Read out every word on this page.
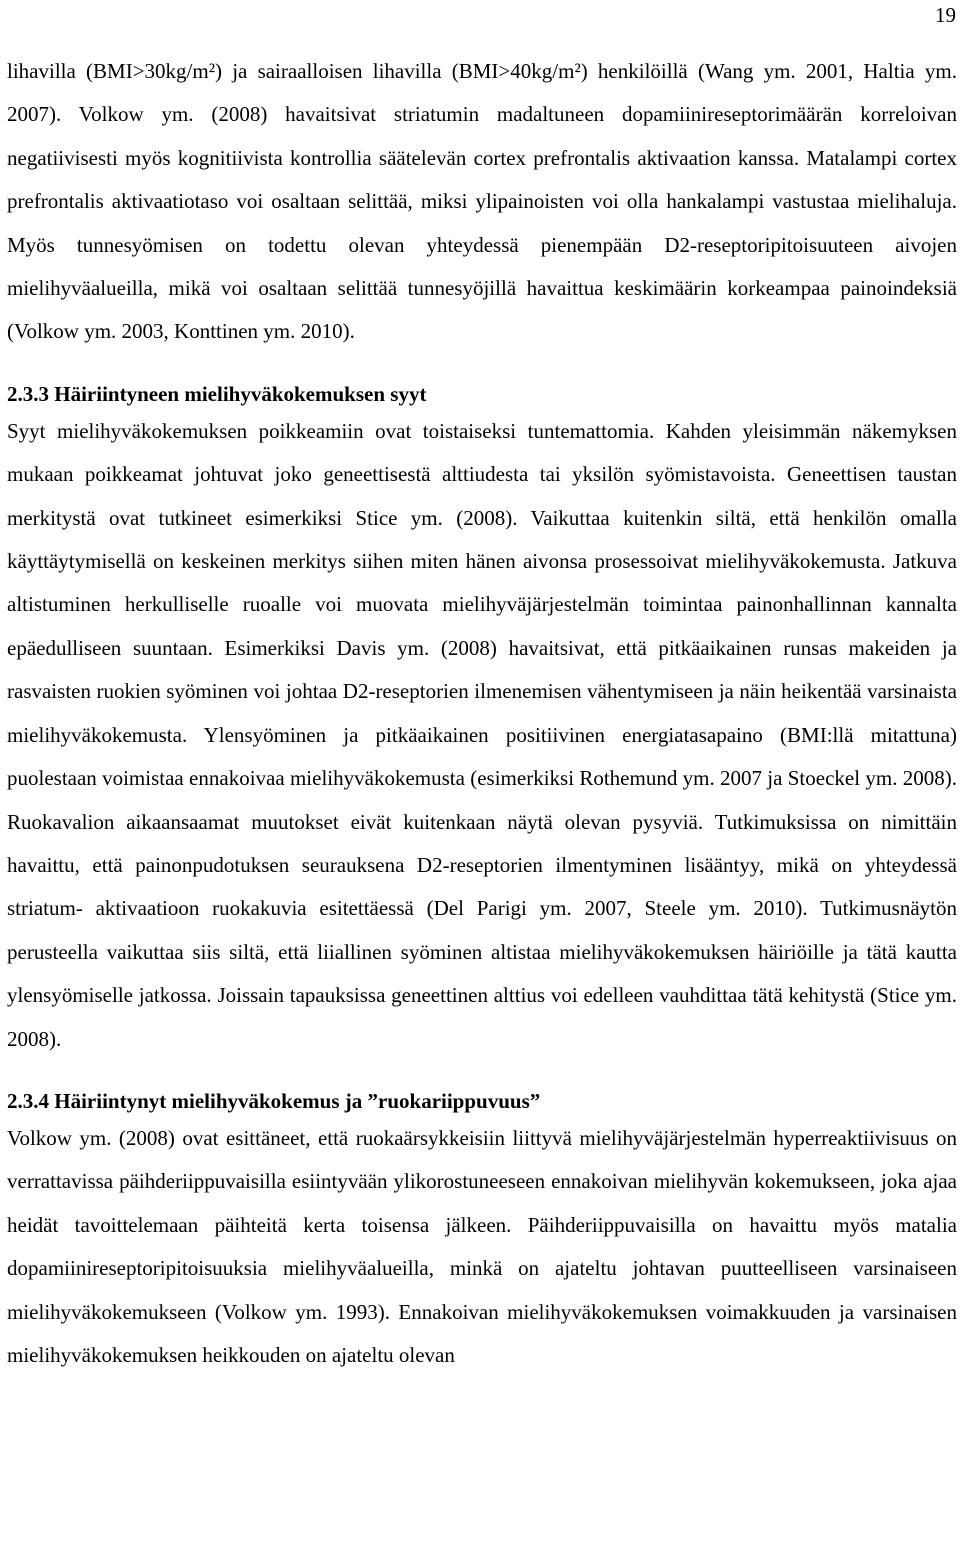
19

lihavilla (BMI>30kg/m²) ja sairaalloisen lihavilla (BMI>40kg/m²) henkilöillä (Wang ym. 2001, Haltia ym. 2007). Volkow ym. (2008) havaitsivat striatumin madaltuneen dopamiinireseptorimäärän korreloivan negatiivisesti myös kognitiivista kontrollia säätelevän cortex prefrontalis aktivaation kanssa. Matalampi cortex prefrontalis aktivaatiotaso voi osaltaan selittää, miksi ylipainoisten voi olla hankalampi vastustaa mielihaluja. Myös tunnesyömisen on todettu olevan yhteydessä pienempään D2-reseptoripitoisuuteen aivojen mielihyväalueilla, mikä voi osaltaan selittää tunnesyöjillä havaittua keskimäärin korkeampaa painoindeksiä (Volkow ym. 2003, Konttinen ym. 2010).

2.3.3 Häiriintyneen mielihyväkokemuksen syyt

Syyt mielihyväkokemuksen poikkeamiin ovat toistaiseksi tuntemattomia. Kahden yleisimmän näkemyksen mukaan poikkeamat johtuvat joko geneettisestä alttiudesta tai yksilön syömistavoista. Geneettisen taustan merkitystä ovat tutkineet esimerkiksi Stice ym. (2008). Vaikuttaa kuitenkin siltä, että henkilön omalla käyttäytymisellä on keskeinen merkitys siihen miten hänen aivonsa prosessoivat mielihyväkokemusta. Jatkuva altistuminen herkulliselle ruoalle voi muovata mielihyväjärjestelmän toimintaa painonhallinnan kannalta epäedulliseen suuntaan. Esimerkiksi Davis ym. (2008) havaitsivat, että pitkäaikainen runsas makeiden ja rasvaisten ruokien syöminen voi johtaa D2-reseptorien ilmenemisen vähentymiseen ja näin heikentää varsinaista mielihyväkokemusta. Ylensyöminen ja pitkäaikainen positiivinen energiatasapaino (BMI:llä mitattuna) puolestaan voimistaa ennakoivaa mielihyväkokemusta (esimerkiksi Rothemund ym. 2007 ja Stoeckel ym. 2008). Ruokavalion aikaansaamat muutokset eivät kuitenkaan näytä olevan pysyviä. Tutkimuksissa on nimittäin havaittu, että painonpudotuksen seurauksena D2-reseptorien ilmentyminen lisääntyy, mikä on yhteydessä striatum- aktivaatioon ruokakuvia esitettäessä (Del Parigi ym. 2007, Steele ym. 2010). Tutkimusnäytön perusteella vaikuttaa siis siltä, että liiallinen syöminen altistaa mielihyväkokemuksen häiriöille ja tätä kautta ylensyömiselle jatkossa. Joissain tapauksissa geneettinen alttius voi edelleen vauhdittaa tätä kehitystä (Stice ym. 2008).

2.3.4 Häiriintynyt mielihyväkokemus ja ”ruokariippuvuus”

Volkow ym. (2008) ovat esittäneet, että ruokaärsykkeisiin liittyvä mielihyväjärjestelmän hyperreaktiivisuus on verrattavissa päihderiippuvaisilla esiintyvään ylikorostuneeseen ennakoivan mielihyvän kokemukseen, joka ajaa heidät tavoittelemaan päihteitä kerta toisensa jälkeen. Päihderiippuvaisilla on havaittu myös matalia dopamiinireseptoripitoisuuksia mielihyväalueilla, minkä on ajateltu johtavan puutteelliseen varsinaiseen mielihyväkokemukseen (Volkow ym. 1993). Ennakoivan mielihyväkokemuksen voimakkuuden ja varsinaisen mielihyväkokemuksen heikkouden on ajateltu olevan
